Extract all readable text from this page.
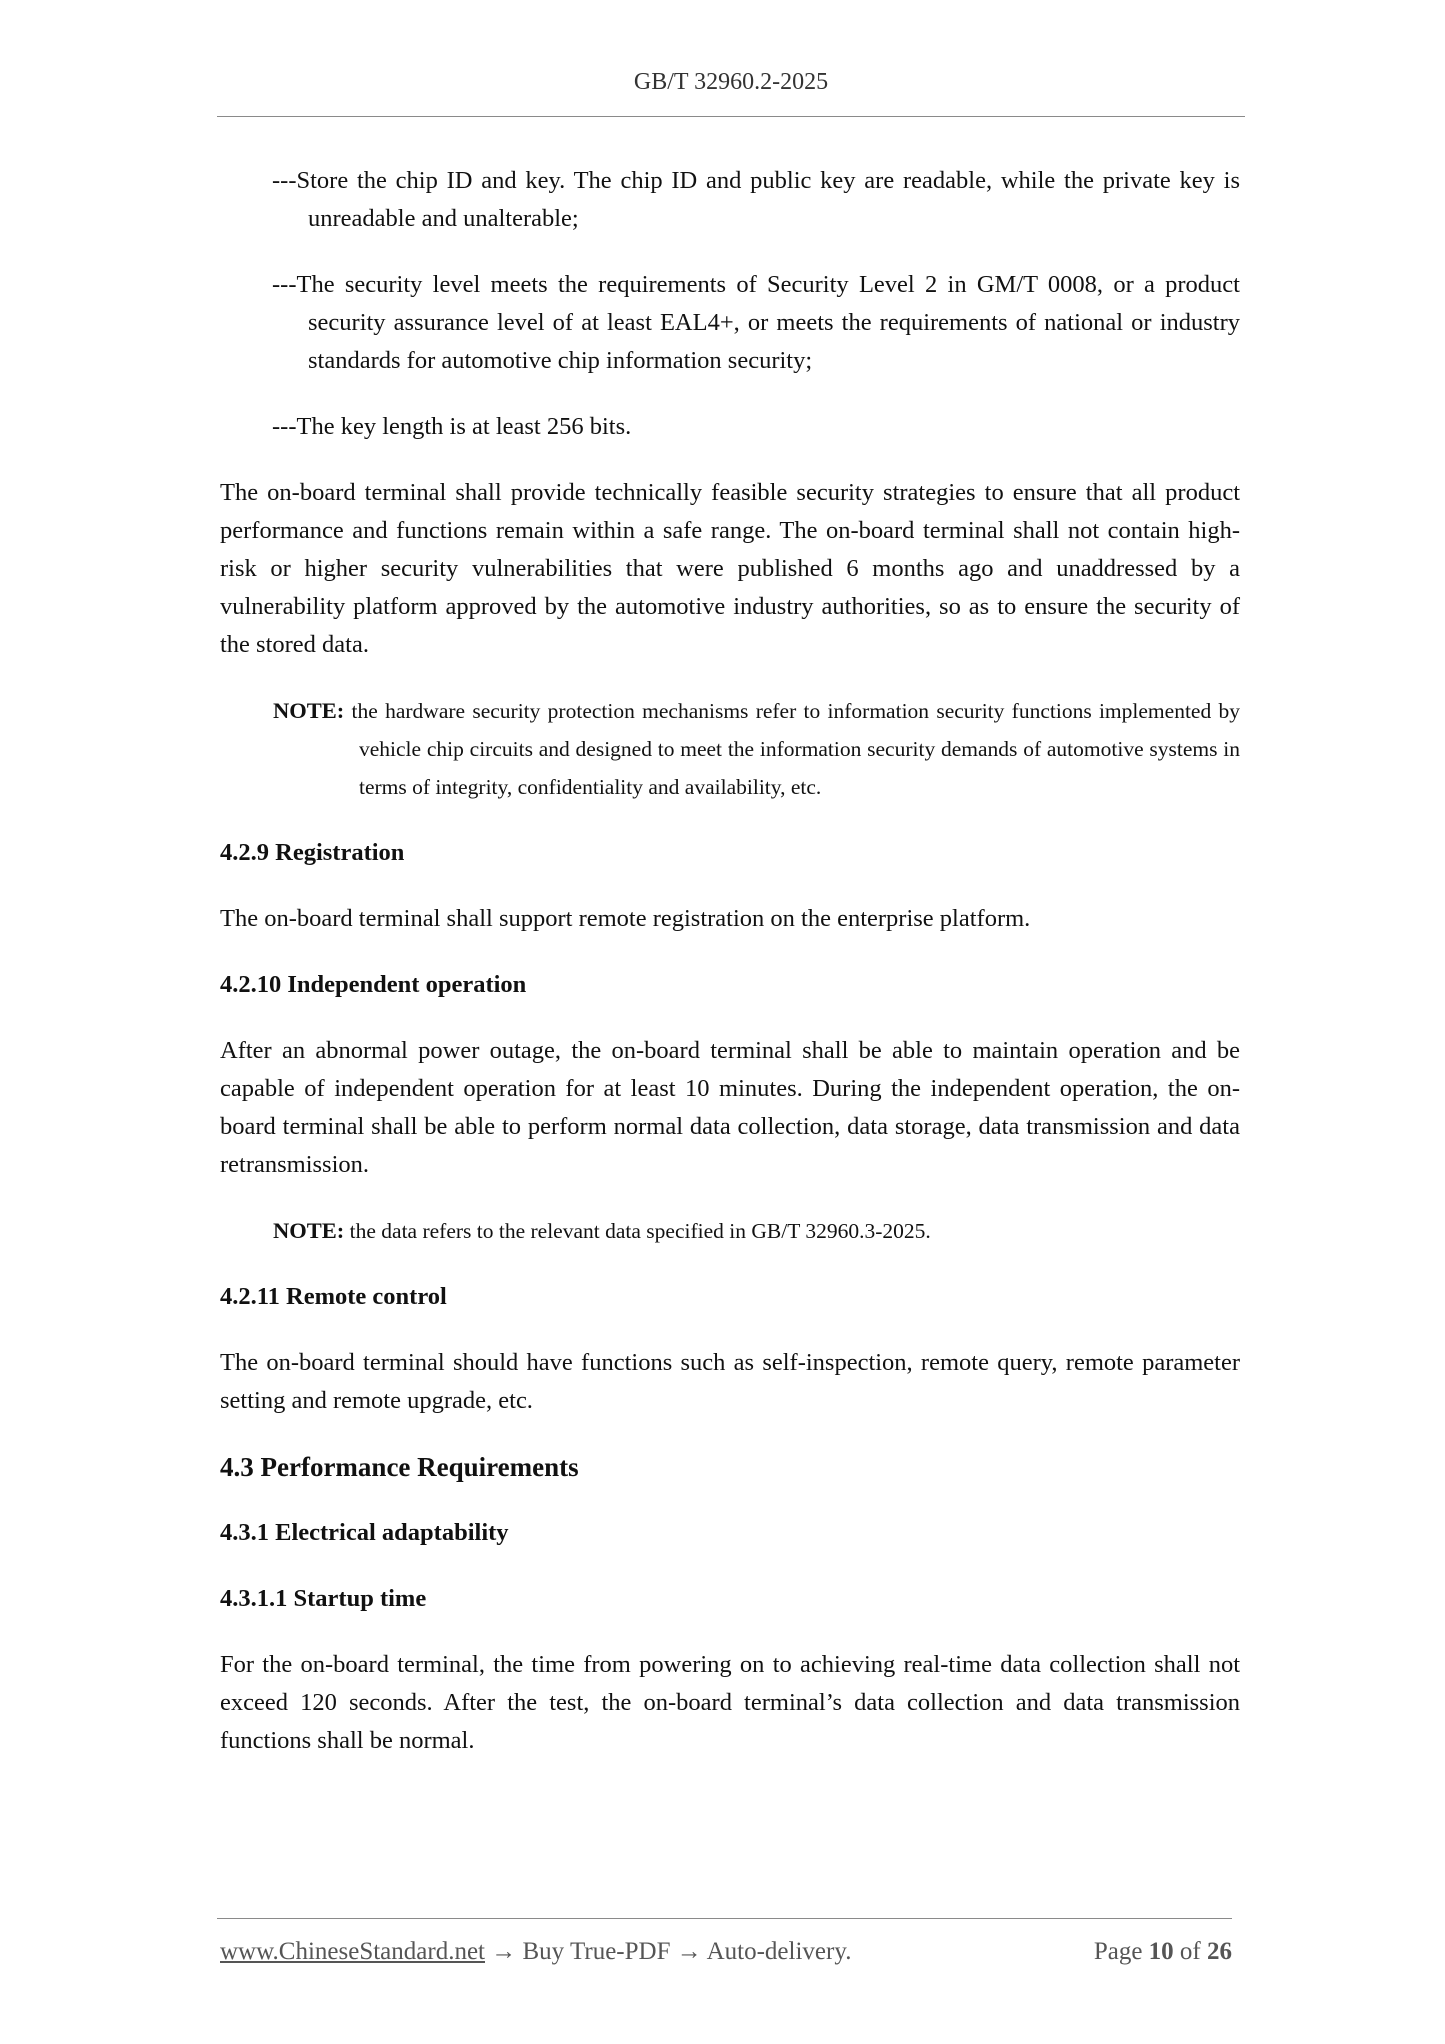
GB/T 32960.2-2025

---Store the chip ID and key. The chip ID and public key are readable, while the private key is unreadable and unalterable;

---The security level meets the requirements of Security Level 2 in GM/T 0008, or a product security assurance level of at least EAL4+, or meets the requirements of national or industry standards for automotive chip information security;

---The key length is at least 256 bits.

The on-board terminal shall provide technically feasible security strategies to ensure that all product performance and functions remain within a safe range. The on-board terminal shall not contain high-risk or higher security vulnerabilities that were published 6 months ago and unaddressed by a vulnerability platform approved by the automotive industry authorities, so as to ensure the security of the stored data.

NOTE: the hardware security protection mechanisms refer to information security functions implemented by vehicle chip circuits and designed to meet the information security demands of automotive systems in terms of integrity, confidentiality and availability, etc.

4.2.9 Registration

The on-board terminal shall support remote registration on the enterprise platform.

4.2.10 Independent operation

After an abnormal power outage, the on-board terminal shall be able to maintain operation and be capable of independent operation for at least 10 minutes. During the independent operation, the on-board terminal shall be able to perform normal data collection, data storage, data transmission and data retransmission.

NOTE: the data refers to the relevant data specified in GB/T 32960.3-2025.

4.2.11 Remote control

The on-board terminal should have functions such as self-inspection, remote query, remote parameter setting and remote upgrade, etc.

4.3 Performance Requirements
4.3.1 Electrical adaptability
4.3.1.1 Startup time

For the on-board terminal, the time from powering on to achieving real-time data collection shall not exceed 120 seconds. After the test, the on-board terminal’s data collection and data transmission functions shall be normal.

www.ChineseStandard.net → Buy True-PDF → Auto-delivery.	Page 10 of 26
